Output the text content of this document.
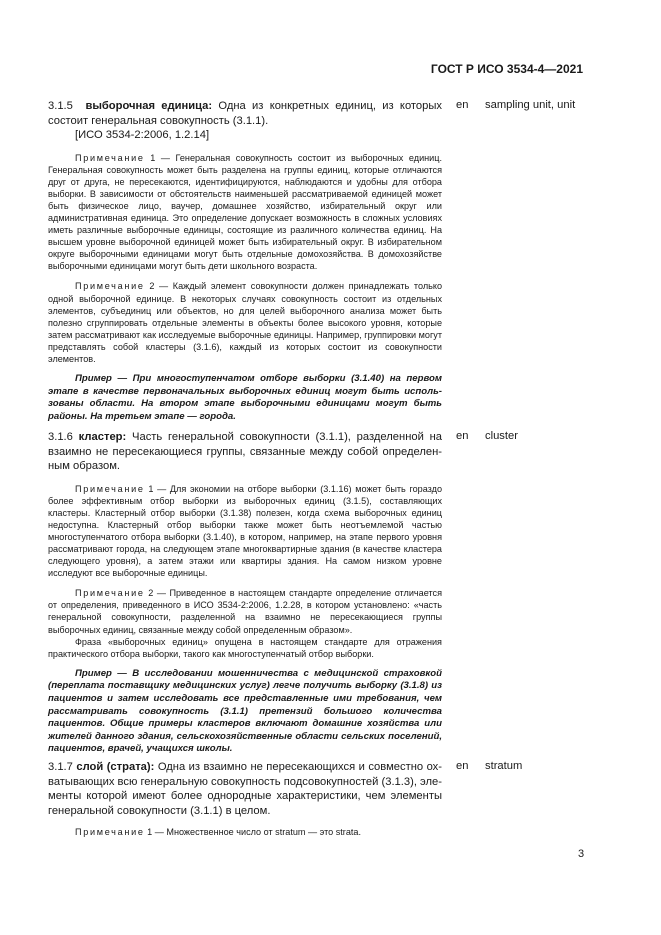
ГОСТ Р ИСО 3534-4—2021

3.1.5 выборочная единица: Одна из конкретных единиц, из которых состоит генеральная совокупность (3.1.1).

[ИСО 3534-2:2006, 1.2.14]

Примечание 1 — Генеральная совокупность состоит из выборочных единиц. Генеральная совокупность может быть разделена на группы единиц, которые отличаются друг от друга, не пересекаются, идентифицируются, наблюдаются и удобны для отбора выборки. В зависимости от обстоятельств наименьшей рассматриваемой единицей может быть физическое лицо, ваучер, домашнее хозяйство, избирательный округ или административная единица. Это определение допускает возможность в сложных условиях иметь различные выборочные единицы, состоящие из различного количества единиц. На высшем уровне выборочной единицей может быть избирательный округ. В избирательном округе выборочными единицами могут быть отдельные домохозяйства. В домохозяйстве выборочными единицами могут быть дети школьного возраста.

Примечание 2 — Каждый элемент совокупности должен принадлежать только одной выборочной единице. В некоторых случаях совокупность состоит из отдельных элементов, субъединиц или объектов, но для целей выборочного анализа может быть полезно сгруппировать отдельные элементы в объекты более высокого уровня, которые затем рассматривают как исследуемые выборочные единицы. Например, группировки могут представлять собой кластеры (3.1.6), каждый из которых состоит из совокупности элементов.

Пример — При многоступенчатом отборе выборки (3.1.40) на первом этапе в качестве первоначальных выборочных единиц могут быть использованы области. На втором этапе выборочными единицами могут быть районы. На третьем этапе — города.

en sampling unit, unit

3.1.6 кластер: Часть генеральной совокупности (3.1.1), разделенной на взаимно не пересекающиеся группы, связанные между собой определенным образом.

Примечание 1 — Для экономии на отборе выборки (3.1.16) может быть гораздо более эффективным отбор выборки из выборочных единиц (3.1.5), составляющих кластеры. Кластерный отбор выборки (3.1.38) полезен, когда схема выборочных единиц недоступна. Кластерный отбор выборки также может быть неотъемлемой частью многоступенчатого отбора выборки (3.1.40), в котором, например, на этапе первого уровня рассматривают города, на следующем этапе многоквартирные здания (в качестве кластера следующего уровня), а затем этажи или квартиры здания. На самом низком уровне исследуют все выборочные единицы.

Примечание 2 — Приведенное в настоящем стандарте определение отличается от определения, приведенного в ИСО 3534-2:2006, 1.2.28, в котором установлено: «часть генеральной совокупности, разделенной на взаимно не пересекающиеся группы выборочных единиц, связанные между собой определенным образом».

Фраза «выборочных единиц» опущена в настоящем стандарте для отражения практического отбора выборки, такого как многоступенчатый отбор выборки.

Пример — В исследовании мошенничества с медицинской страховкой (переплата поставщику медицинских услуг) легче получить выборку (3.1.8) из пациентов и затем исследовать все представленные ими требования, чем рассматривать совокупность (3.1.1) претензий большого количества пациентов. Общие примеры кластеров включают домашние хозяйства или жителей данного здания, сельскохозяйственные области сельских поселений, пациентов, врачей, учащихся школы.

en cluster

3.1.7 слой (страта): Одна из взаимно не пересекающихся и совместно охватывающих всю генеральную совокупность подсовокупностей (3.1.3), элементы которой имеют более однородные характеристики, чем элементы генеральной совокупности (3.1.1) в целом.

Примечание 1 — Множественное число от stratum — это strata.

en stratum
3
